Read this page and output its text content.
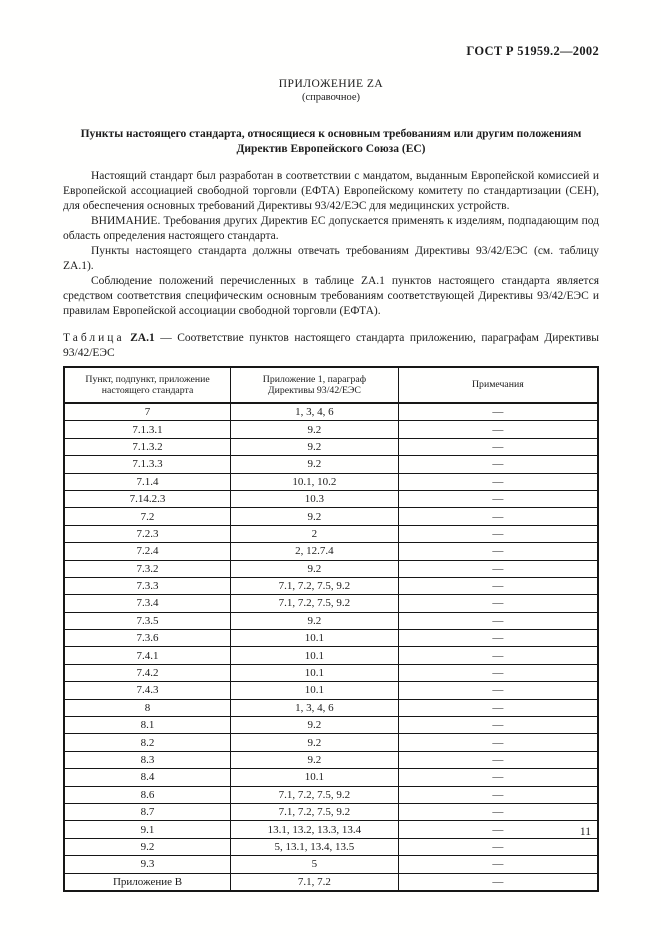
ГОСТ Р 51959.2—2002
ПРИЛОЖЕНИЕ ZA
(справочное)
Пункты настоящего стандарта, относящиеся к основным требованиям или другим положениям Директив Европейского Союза (ЕС)

Настоящий стандарт был разработан в соответствии с мандатом, выданным Европейской комиссией и Европейской ассоциацией свободной торговли (ЕФТА) Европейскому комитету по стандартизации (СЕН), для обеспечения основных требований Директивы 93/42/ЕЭС для медицинских устройств.

ВНИМАНИЕ. Требования других Директив ЕС допускается применять к изделиям, подпадающим под область определения настоящего стандарта.

Пункты настоящего стандарта должны отвечать требованиям Директивы 93/42/ЕЭС (см. таблицу ZA.1).

Соблюдение положений перечисленных в таблице ZA.1 пунктов настоящего стандарта является средством соответствия специфическим основным требованиям соответствующей Директивы 93/42/ЕЭС и правилам Европейской ассоциации свободной торговли (ЕФТА).

Таблица ZA.1 — Соответствие пунктов настоящего стандарта приложению, параграфам Директивы 93/42/ЕЭС
Пункт, подпункт, приложение настоящего стандарта	Приложение 1, параграф Директивы 93/42/ЕЭС	Примечания
7	1, 3, 4, 6	—
7.1.3.1	9.2	—
7.1.3.2	9.2	—
7.1.3.3	9.2	—
7.1.4	10.1, 10.2	—
7.14.2.3	10.3	—
7.2	9.2	—
7.2.3	2	—
7.2.4	2, 12.7.4	—
7.3.2	9.2	—
7.3.3	7.1, 7.2, 7.5, 9.2	—
7.3.4	7.1, 7.2, 7.5, 9.2	—
7.3.5	9.2	—
7.3.6	10.1	—
7.4.1	10.1	—
7.4.2	10.1	—
7.4.3	10.1	—
8	1, 3, 4, 6	—
8.1	9.2	—
8.2	9.2	—
8.3	9.2	—
8.4	10.1	—
8.6	7.1, 7.2, 7.5, 9.2	—
8.7	7.1, 7.2, 7.5, 9.2	—
9.1	13.1, 13.2, 13.3, 13.4	—
9.2	5, 13.1, 13.4, 13.5	—
9.3	5	—
Приложение В	7.1, 7.2	—
11
